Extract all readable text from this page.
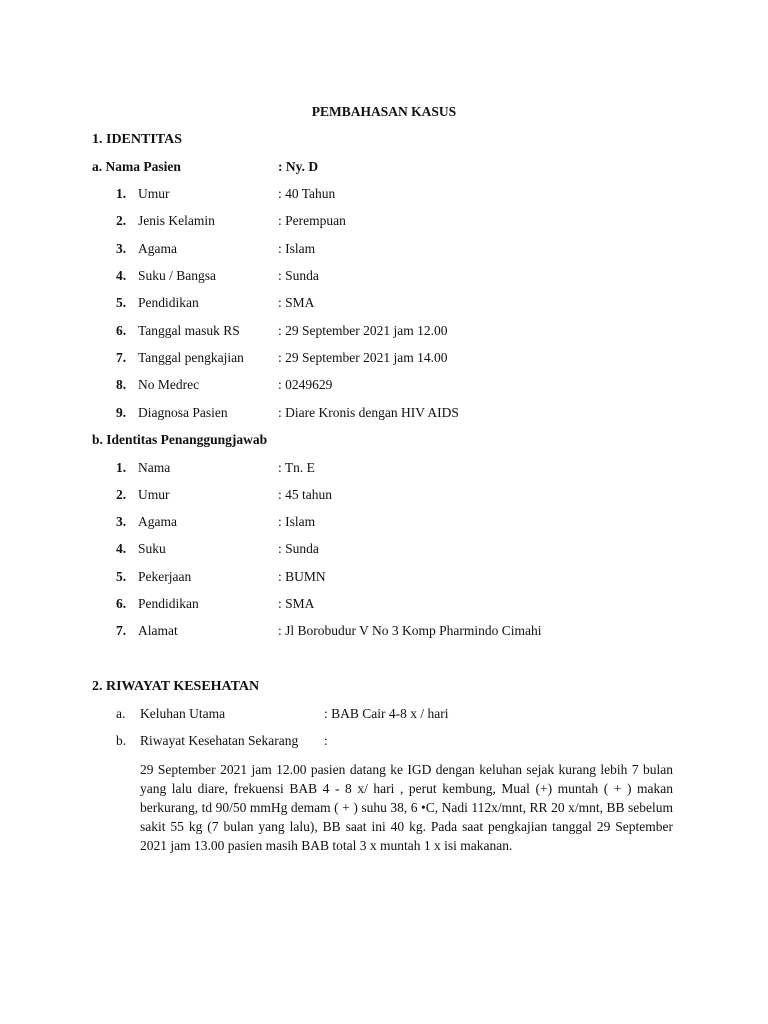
PEMBAHASAN KASUS
1. IDENTITAS
a. Nama Pasien	: Ny. D
1 . Umur	: 40 Tahun
2 . Jenis Kelamin	: Perempuan
3 . Agama	: Islam
4 . Suku / Bangsa	: Sunda
5 . Pendidikan	: SMA
6 . Tanggal masuk RS	: 29 September 2021 jam 12.00
7 . Tanggal pengkajian	: 29 September 2021 jam 14.00
8 . No Medrec	: 0249629
9 . Diagnosa Pasien	: Diare Kronis dengan HIV AIDS
b. Identitas Penanggungjawab
1 . Nama	: Tn. E
2 . Umur	: 45 tahun
3 . Agama	: Islam
4 . Suku	: Sunda
5 . Pekerjaan	: BUMN
6 . Pendidikan	: SMA
7 . Alamat	: Jl Borobudur V No 3 Komp Pharmindo Cimahi
2. RIWAYAT KESEHATAN
a . Keluhan Utama	: BAB Cair 4-8 x / hari
b . Riwayat Kesehatan Sekarang :
29 September 2021 jam 12.00 pasien datang ke IGD dengan keluhan sejak kurang lebih 7 bulan yang lalu diare, frekuensi BAB 4 - 8 x/ hari , perut kembung, Mual (+) muntah ( + ) makan berkurang, td 90/50 mmHg demam ( + ) suhu 38, 6 •C, Nadi 112x/mnt, RR 20 x/mnt, BB sebelum sakit 55 kg (7 bulan yang lalu), BB saat ini 40 kg. Pada saat pengkajian tanggal 29 September 2021 jam 13.00 pasien masih BAB total 3 x muntah 1 x isi makanan.
